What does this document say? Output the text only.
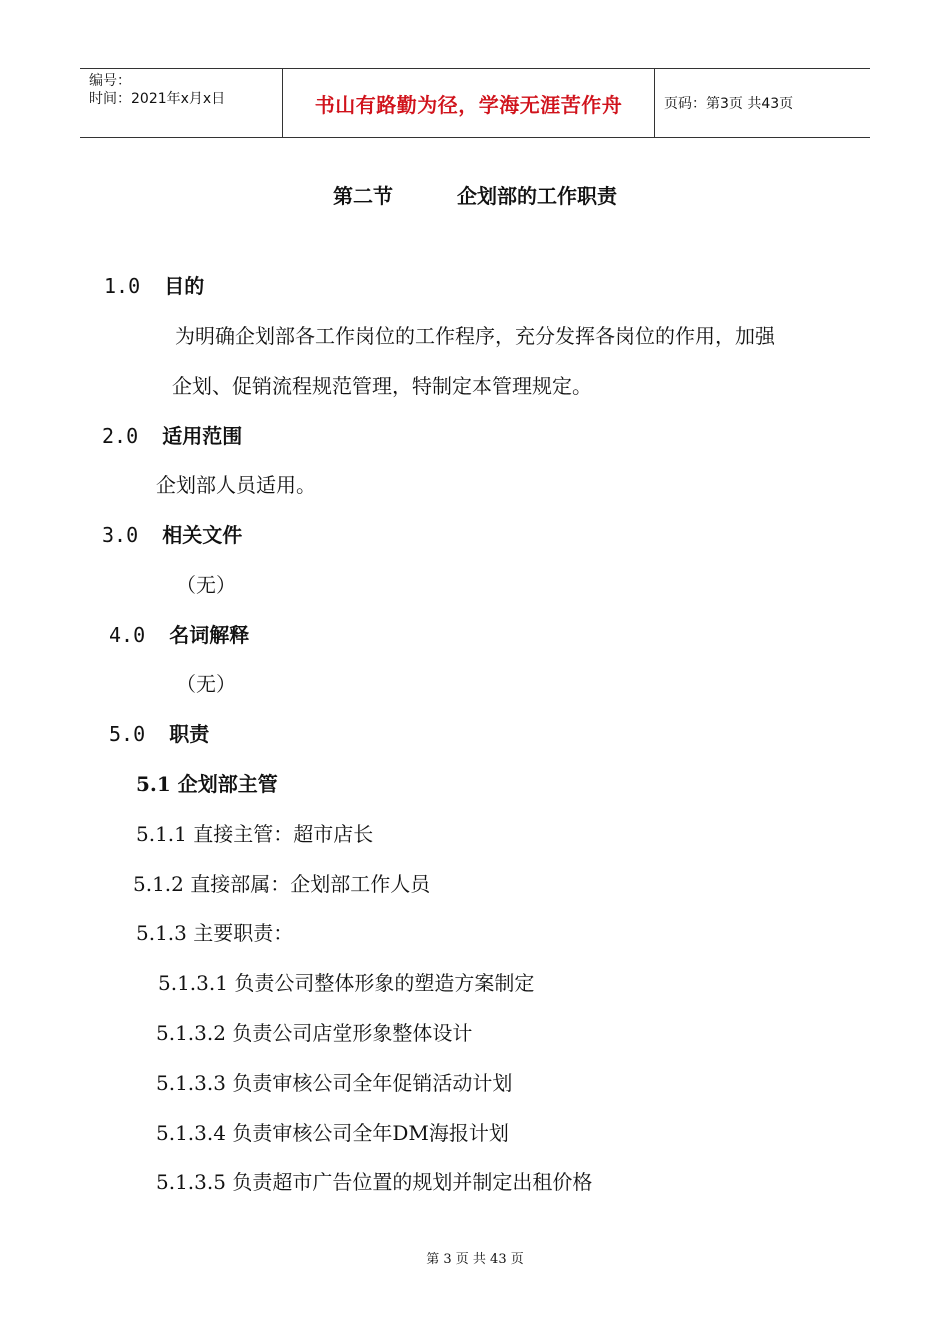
编号：
时间：2021年x月x日	书山有路勤为径，学海无涯苦作舟	页码：第3页 共43页
第二节	企划部的工作职责
1.0 目的
为明确企划部各工作岗位的工作程序，充分发挥各岗位的作用，加强
企划、促销流程规范管理，特制定本管理规定。
2.0 适用范围
企划部人员适用。
3.0 相关文件
（无）
4.0 名词解释
（无）
5.0 职责
5.1 企划部主管
5.1.1 直接主管：超市店长
5.1.2 直接部属：企划部工作人员
5.1.3 主要职责：
5.1.3.1 负责公司整体形象的塑造方案制定
5.1.3.2 负责公司店堂形象整体设计
5.1.3.3 负责审核公司全年促销活动计划
5.1.3.4 负责审核公司全年DM海报计划
5.1.3.5 负责超市广告位置的规划并制定出租价格
第 3 页 共 43 页
